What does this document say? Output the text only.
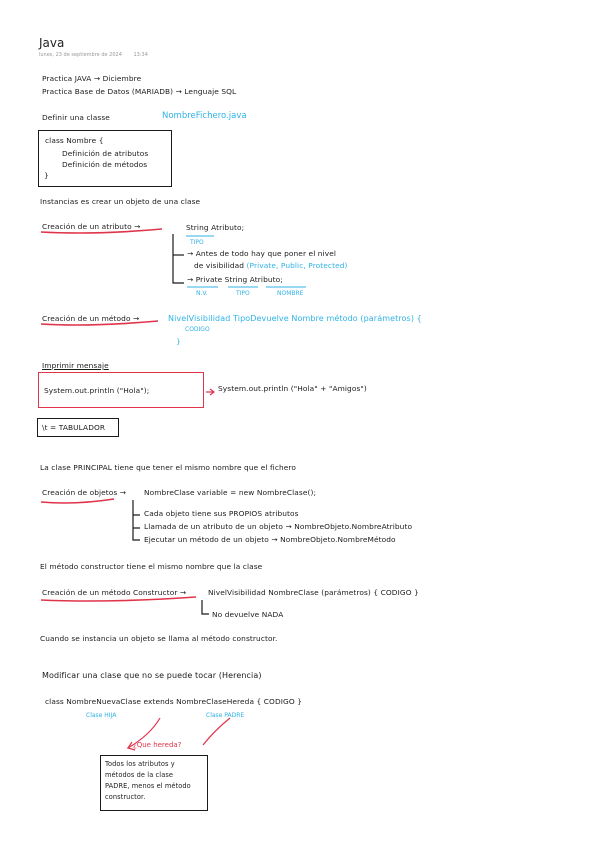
Java
lunes, 23 de septiembre de 2024 13:34
Practica JAVA → Diciembre
Practica Base de Datos (MARIADB) → Lenguaje SQL
Definir una classe	NombreFichero.java
class Nombre {
Definición de atributos
Definición de métodos
}
Instancias es crear un objeto de una clase
Creación de un atributo →	String Atributo;
TIPO
→ Antes de todo hay que poner el nivel
de visibilidad (Private, Public, Protected)
→ Private String Atributo;
N.V.	TIPO	NOMBRE
Creación de un método →	NivelVisibilidad TipoDevuelve Nombre método (parámetros) {
CODIGO
}
Imprimir mensaje
System.out.println ("Hola");	System.out.println ("Hola" + "Amigos")
\t = TABULADOR
La clase PRINCIPAL tiene que tener el mismo nombre que el fichero
Creación de objetos → NombreClase variable = new NombreClase();
Cada objeto tiene sus PROPIOS atributos
Llamada de un atributo de un objeto → NombreObjeto.NombreAtributo
Ejecutar un método de un objeto → NombreObjeto.NombreMétodo
El método constructor tiene el mismo nombre que la clase
Creación de un método Constructor →	NivelVisibilidad NombreClase (parámetros) { CODIGO }
No devuelve NADA
Cuando se instancia un objeto se llama al método constructor.
Modificar una clase que no se puede tocar (Herencia)
class NombreNuevaClase extends NombreClaseHereda { CODIGO }
Clase HIJA	Clase PADRE
¿Que hereda?
Todos los atributos y
métodos de la clase
PADRE, menos el método
constructor.
